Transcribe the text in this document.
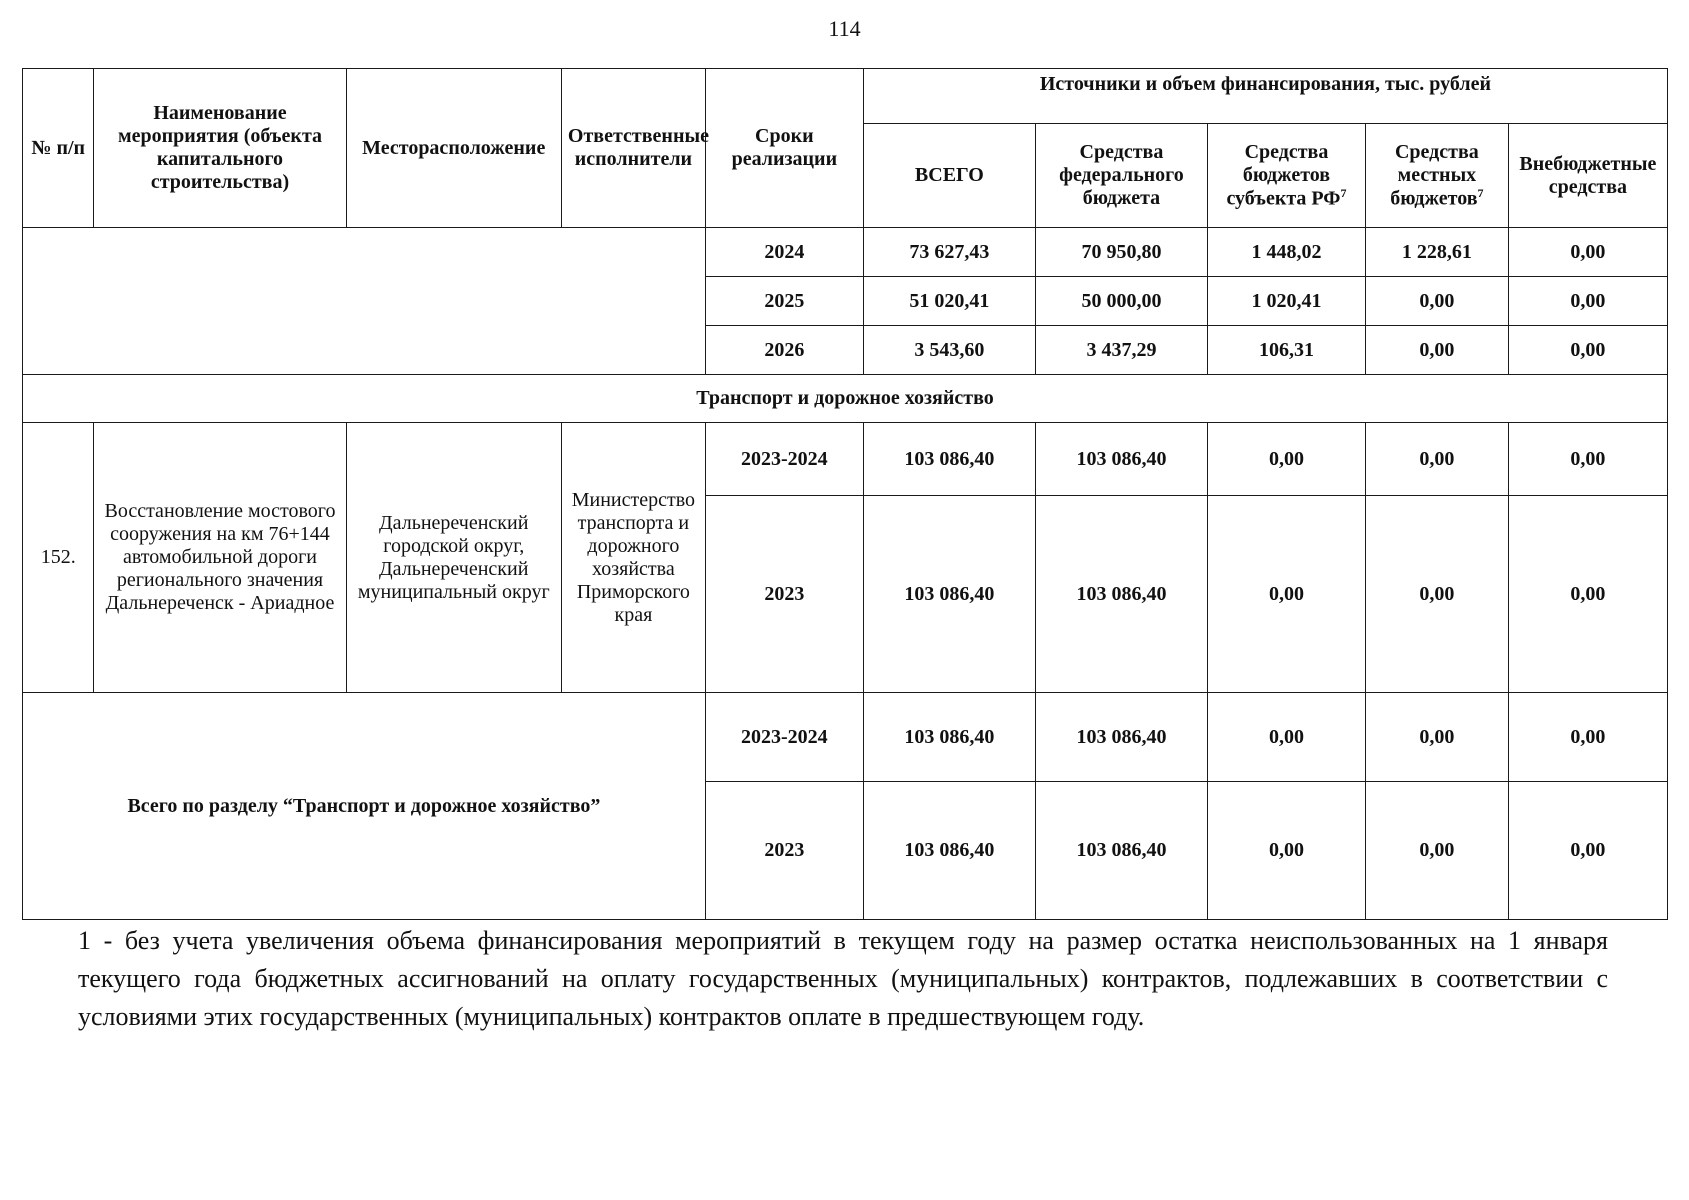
114
№ п/п	Наименование мероприятия (объекта капитального строительства)	Месторасположение	Ответственные исполнители	Сроки реализации	Источники и объем финансирования, тыс. рублей				
					ВСЕГО	Средства федерального бюджета	Средства бюджетов субъекта $РФ^7$	Средства местных бюджетов$^7$	Внебюджетные средства
				2024	73 627,43	70 950,80	1 448,02	1 228,61	0,00
				2025	51 020,41	50 000,00	1 020,41	0,00	0,00
				2026	3 543,60	3 437,29	106,31	0,00	0,00
Транспорт и дорожное хозяйство									
152.	Восстановление мостового сооружения на км 76+144 автомобильной дороги регионального значения Дальнереченск - Ариадное	Дальнереченский городской округ, Дальнереченский муниципальный округ	Министерство транспорта и дорожного хозяйства Приморского края	2023-2024	103 086,40	103 086,40	0,00	0,00	0,00
				2023	103 086,40	103 086,40	0,00	0,00	0,00
Всего по разделу “Транспорт и дорожное хозяйство”				2023-2024	103 086,40	103 086,40	0,00	0,00	0,00
				2023	103 086,40	103 086,40	0,00	0,00	0,00
1 - без учета увеличения объема финансирования мероприятий в текущем году на размер остатка неиспользованных на 1 января текущего года бюджетных ассигнований на оплату государственных (муниципальных) контрактов, подлежавших в соответствии с условиями этих государственных (муниципальных) контрактов оплате в предшествующем году.
